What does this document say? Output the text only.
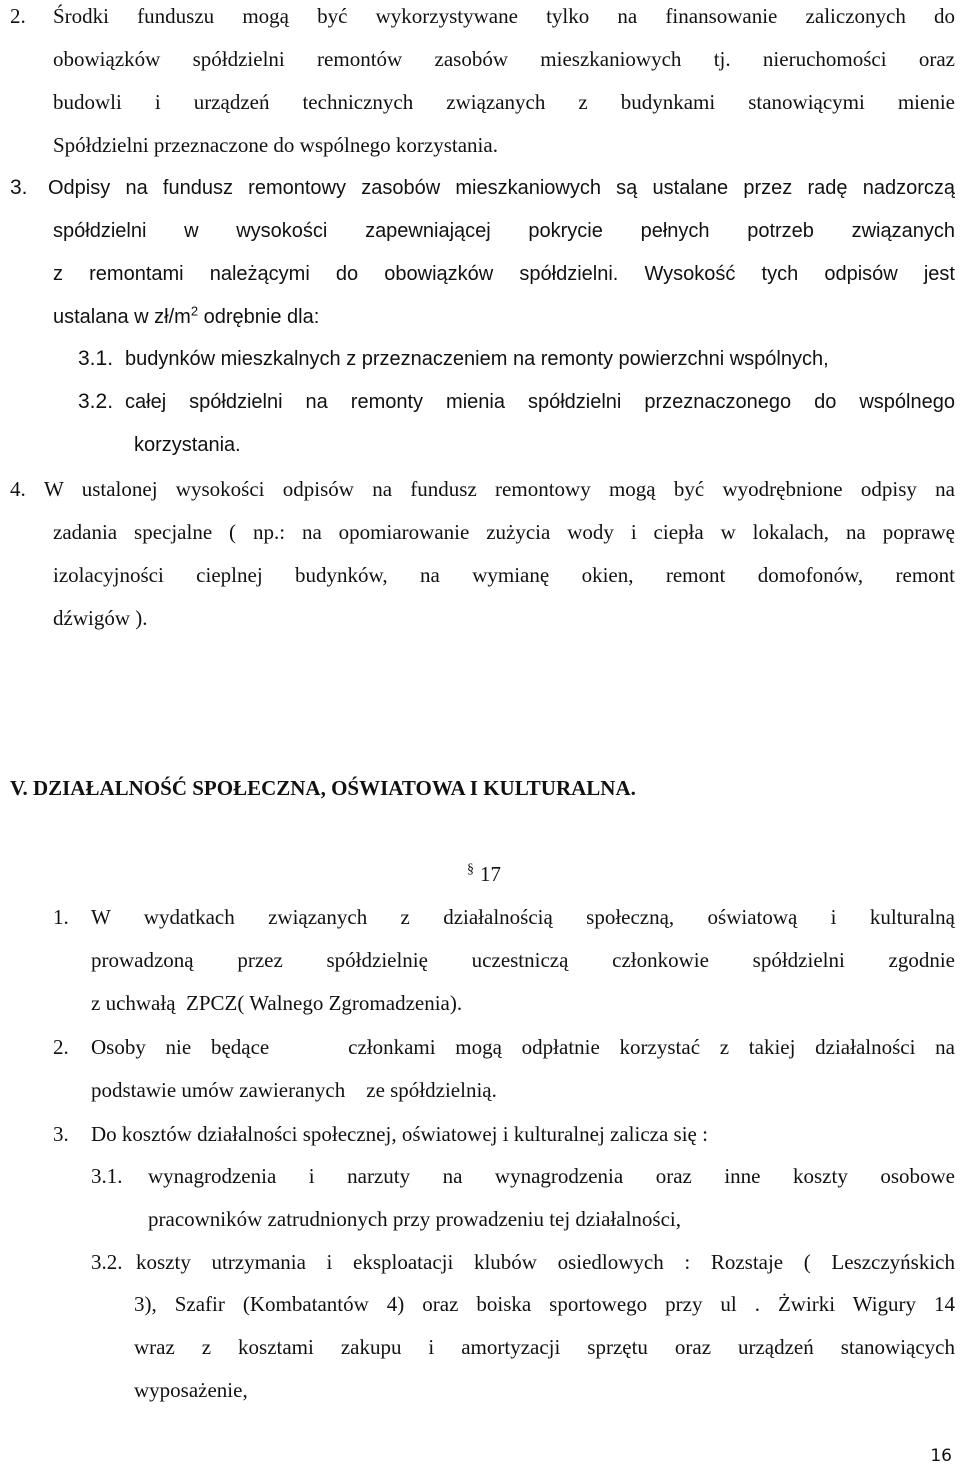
2. Środki funduszu mogą być wykorzystywane tylko na finansowanie zaliczonych do
obowiązków spółdzielni remontów zasobów mieszkaniowych tj. nieruchomości oraz
budowli i urządzeń technicznych związanych z budynkami stanowiącymi mienie
Spółdzielni przeznaczone do wspólnego korzystania.
3. Odpisy na fundusz remontowy zasobów mieszkaniowych są ustalane przez radę nadzorczą
spółdzielni w wysokości zapewniającej pokrycie pełnych potrzeb związanych
z remontami należącymi do obowiązków spółdzielni. Wysokość tych odpisów jest
ustalana w $zł/m^2$ odrębnie dla:
3.1. budynków mieszkalnych z przeznaczeniem na remonty powierzchni wspólnych,
3.2. całej spółdzielni na remonty mienia spółdzielni przeznaczonego do wspólnego
korzystania.
4. W ustalonej wysokości odpisów na fundusz remontowy mogą być wyodrębnione odpisy na
zadania specjalne ( np.: na opomiarowanie zużycia wody i ciepła w lokalach, na poprawę
izolacyjności cieplnej budynków, na wymianę okien, remont domofonów, remont
dźwigów ).
V. DZIAŁALNOŚĆ SPOŁECZNA, OŚWIATOWA I KULTURALNA.
§ 17
1. W wydatkach związanych z działalnością społeczną, oświatową i kulturalną
prowadzoną przez spółdzielnię uczestniczą członkowie spółdzielni zgodnie
z uchwałą  ZPCZ( Walnego Zgromadzenia).
2. Osoby nie będące    członkami mogą odpłatnie korzystać z takiej działalności na
podstawie umów zawieranych    ze spółdzielnią.
3. Do kosztów działalności społecznej, oświatowej i kulturalnej zalicza się :
3.1. wynagrodzenia i narzuty na wynagrodzenia oraz inne koszty osobowe
pracowników zatrudnionych przy prowadzeniu tej działalności,
3.2. koszty utrzymania i eksploatacji klubów osiedlowych : Rozstaje ( Leszczyńskich
3), Szafir (Kombatantów 4) oraz boiska sportowego przy ul . Żwirki Wigury 14
wraz z kosztami zakupu i amortyzacji sprzętu oraz urządzeń stanowiących
wyposażenie,
16
